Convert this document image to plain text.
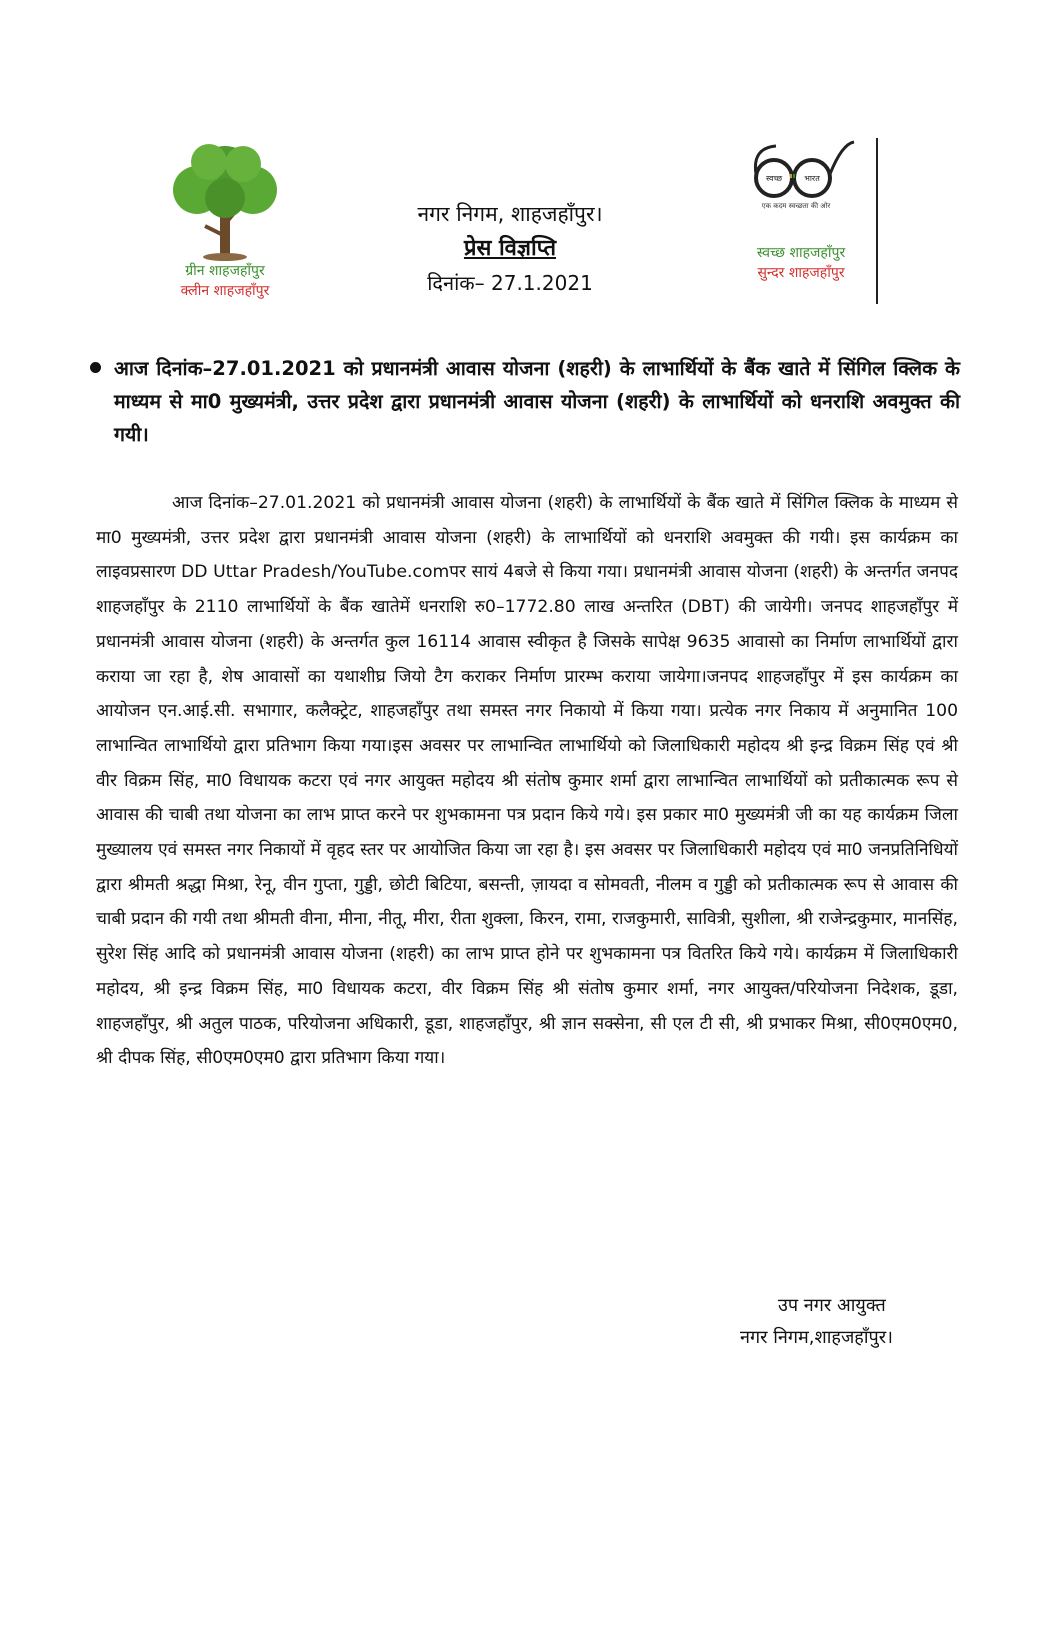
ग्रीन शाहजहाँपुर
क्लीन शाहजहाँपुर
नगर निगम, शाहजहाँपुर।
प्रेस विज्ञप्ति
दिनांक– 27.1.2021
स्वच्छ	भारत
एक कदम स्वच्छता की ओर
स्वच्छ शाहजहाँपुर
सुन्दर शाहजहाँपुर
आज दिनांक–27.01.2021 को प्रधानमंत्री आवास योजना (शहरी) के लाभार्थियों के बैंक खाते में सिंगिल क्लिक के माध्यम से मा0 मुख्यमंत्री, उत्तर प्रदेश द्वारा प्रधानमंत्री आवास योजना (शहरी) के लाभार्थियों को धनराशि अवमुक्त की गयी।
आज दिनांक–27.01.2021 को प्रधानमंत्री आवास योजना (शहरी) के लाभार्थियों के बैंक खाते में सिंगिल क्लिक के माध्यम से मा0 मुख्यमंत्री, उत्तर प्रदेश द्वारा प्रधानमंत्री आवास योजना (शहरी) के लाभार्थियों को धनराशि अवमुक्त की गयी। इस कार्यक्रम का लाइवप्रसारण DD Uttar Pradesh/YouTube.comपर सायं 4बजे से किया गया। प्रधानमंत्री आवास योजना (शहरी) के अन्तर्गत जनपद शाहजहाँपुर के 2110 लाभार्थियों के बैंक खातेमें धनराशि रु0–1772.80 लाख अन्तरित (DBT) की जायेगी। जनपद शाहजहाँपुर में प्रधानमंत्री आवास योजना (शहरी) के अन्तर्गत कुल 16114 आवास स्वीकृत है जिसके सापेक्ष 9635 आवासो का निर्माण लाभार्थियों द्वारा कराया जा रहा है, शेष आवासों का यथाशीघ्र जियो टैग कराकर निर्माण प्रारम्भ कराया जायेगा।जनपद शाहजहाँपुर में इस कार्यक्रम का आयोजन एन.आई.सी. सभागार, कलैक्ट्रेट, शाहजहाँपुर तथा समस्त नगर निकायो में किया गया। प्रत्येक नगर निकाय में अनुमानित 100 लाभान्वित लाभार्थियो द्वारा प्रतिभाग किया गया।इस अवसर पर लाभान्वित लाभार्थियो को जिलाधिकारी महोदय श्री इन्द्र विक्रम सिंह एवं श्री वीर विक्रम सिंह, मा0 विधायक कटरा एवं नगर आयुक्त महोदय श्री संतोष कुमार शर्मा द्वारा लाभान्वित लाभार्थियों को प्रतीकात्मक रूप से आवास की चाबी तथा योजना का लाभ प्राप्त करने पर शुभकामना पत्र प्रदान किये गये। इस प्रकार मा0 मुख्यमंत्री जी का यह कार्यक्रम जिला मुख्यालय एवं समस्त नगर निकायों में वृहद स्तर पर आयोजित किया जा रहा है। इस अवसर पर जिलाधिकारी महोदय एवं मा0 जनप्रतिनिधियों द्वारा श्रीमती श्रद्धा मिश्रा, रेनू, वीन गुप्ता, गुड्डी, छोटी बिटिया, बसन्ती, ज़ायदा व सोमवती, नीलम व गुड्डी को प्रतीकात्मक रूप से आवास की चाबी प्रदान की गयी तथा श्रीमती वीना, मीना, नीतू, मीरा, रीता शुक्ला, किरन, रामा, राजकुमारी, सावित्री, सुशीला, श्री राजेन्द्रकुमार, मानसिंह, सुरेश सिंह आदि को प्रधानमंत्री आवास योजना (शहरी) का लाभ प्राप्त होने पर शुभकामना पत्र वितरित किये गये। कार्यक्रम में जिलाधिकारी महोदय, श्री इन्द्र विक्रम सिंह, मा0 विधायक कटरा, वीर विक्रम सिंह श्री संतोष कुमार शर्मा, नगर आयुक्त/परियोजना निदेशक, डूडा, शाहजहाँपुर, श्री अतुल पाठक, परियोजना अधिकारी, डूडा, शाहजहाँपुर, श्री ज्ञान सक्सेना, सी एल टी सी, श्री प्रभाकर मिश्रा, सी0एम0एम0, श्री दीपक सिंह, सी0एम0एम0 द्वारा प्रतिभाग किया गया।
उप नगर आयुक्त
नगर निगम,शाहजहाँपुर।
